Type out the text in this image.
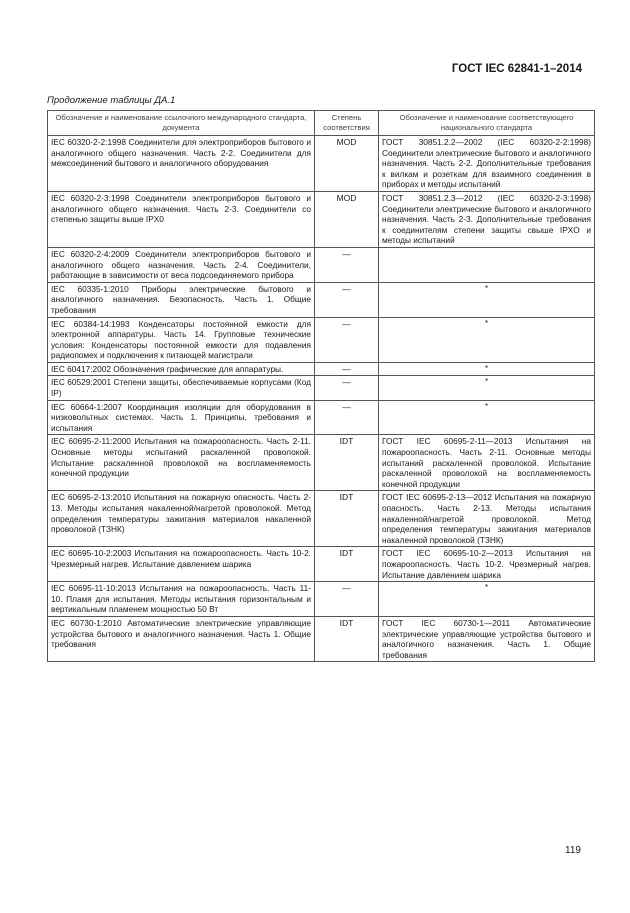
ГОСТ IEC 62841-1–2014
Продолжение таблицы ДА.1
Обозначение и наименование ссылочного международного стандарта, документа	Степень соответствия	Обозначение и наименование соответствующего национального стандарта
IEC 60320-2-2:1998 Соединители для электроприборов бытового и аналогичного общего назначения. Часть 2-2. Соединители для межсоединений бытового и аналогичного оборудования	MOD	ГОСТ 30851.2.2—2002 (IEC 60320-2-2:1998) Соединители электрические бытового и аналогичного назначения. Часть 2-2. Дополнительные требования к вилкам и розеткам для взаимного соединения в приборах и методы испытаний
IEC 60320-2-3:1998 Соединители электроприборов бытового и аналогичного общего назначения. Часть 2-3. Соединители со степенью защиты выше IPX0	MOD	ГОСТ 30851.2.3—2012 (IEC 60320-2-3:1998) Соединители электрические бытового и аналогичного назначения. Часть 2-3. Дополнительные требования к соединителям степени защиты свыше IPXO и методы испытаний
IEC 60320-2-4:2009 Соединители электроприборов бытового и аналогичного общего назначения. Часть 2-4. Соединители, работающие в зависимости от веса подсоединяемого прибора	—	
IEC 60335-1:2010 Приборы электрические бытового и аналогичного назначения. Безопасность. Часть 1. Общие требования	—	*

IEC 60384-14:1993 Конденсаторы постоянной емкости для электронной аппаратуры. Часть 14. Групповые технические условия: Конденсаторы постоянной емкости для подавления радиопомех и подключения к питающей магистрали	—	*

IEC 60417:2002 Обозначения графические для аппаратуры.	—	*

IEC 60529:2001 Степени защиты, обеспечиваемые корпусами (Код IP)	—	*

IEC 60664-1:2007 Координация изоляции для оборудования в низковольтных системах. Часть 1. Принципы, требования и испытания	—	*

IEC 60695-2-11:2000 Испытания на пожароопасность. Часть 2-11. Основные методы испытаний раскаленной проволокой. Испытание раскаленной проволокой на воспламеняемость конечной продукции	IDT	ГОСТ IEC 60695-2-11—2013 Испытания на пожароопасность. Часть 2-11. Основные методы испытаний раскаленной проволокой. Испытание раскаленной проволокой на воспламеняемость конечной продукции
IEC 60695-2-13:2010 Испытания на пожарную опасность. Часть 2-13. Методы испытания накаленной/нагретой проволокой. Метод определения температуры зажигания материалов накаленной проволокой (ТЗНК)	IDT	ГОСТ IEC 60695-2-13—2012 Испытания на пожарную опасность. Часть 2-13. Методы испытания накаленной/нагретой проволокой. Метод определения температуры зажигания материалов накаленной проволокой (ТЗНК)
IEC 60695-10-2:2003 Испытания на пожароопасность. Часть 10-2. Чрезмерный нагрев. Испытание давлением шарика	IDT	ГОСТ IEC 60695-10-2—2013 Испытания на пожароопасность. Часть 10-2. Чрезмерный нагрев. Испытание давлением шарика
IEC 60695-11-10:2013 Испытания на пожароопасность. Часть 11-10. Пламя для испытания. Методы испытания горизонтальным и вертикальным пламенем мощностью 50 Вт	—	*

IEC 60730-1:2010 Автоматические электрические управляющие устройства бытового и аналогичного назначения. Часть 1. Общие требования	IDT	ГОСТ IEC 60730-1—2011 Автоматические электрические управляющие устройства бытового и аналогичного назначения. Часть 1. Общие требования
119
